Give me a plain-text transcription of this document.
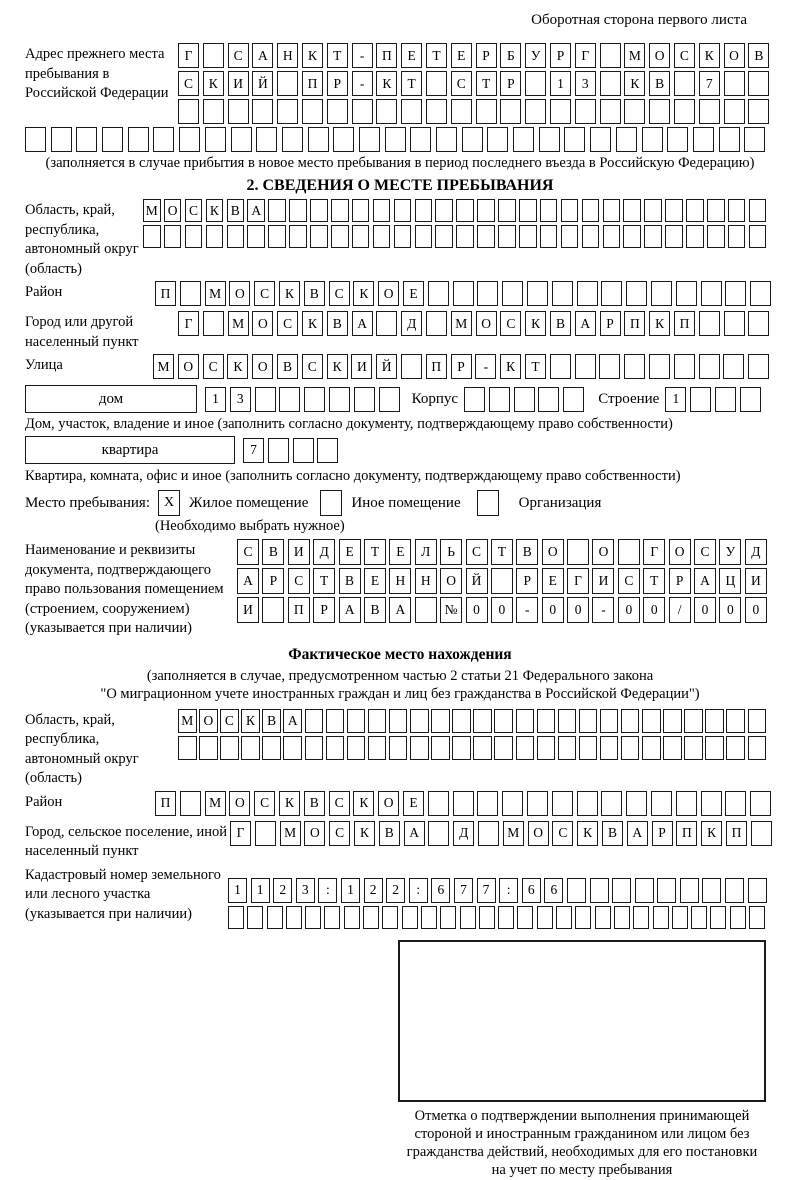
Оборотная сторона первого листа
Адрес прежнего места пребывания в Российской Федерации
Г	С	А	Н	К	Т	-	П	Е	Т	Е	Р	Б	У	Р	Г	М	О	С	К	О	В
С	К	И	Й	П	Р	-	К	Т	С	Т	Р	1	3	К	В	7
(заполняется в случае прибытия в новое место пребывания в период последнего въезда в Российскую Федерацию)
2. СВЕДЕНИЯ О МЕСТЕ ПРЕБЫВАНИЯ
Область, край, республика, автономный округ (область)
М О С К В А
Район	П	М	О	С	К	В	С	К	О	Е
Город или другой населенный пункт
Г	М	О	С	К	В	А	Д	М	О	С	К	В	А	Р	П	К	П
Улица	М	О	С	К	О	В	С	К	И	Й	П	Р	-	К	Т
дом	1	3	Корпус	Строение 1
Дом, участок, владение и иное (заполнить согласно документу, подтверждающему право собственности)
квартира	7
Квартира, комната, офис и иное (заполнить согласно документу, подтверждающему право собственности)
Место пребывания: X Жилое помещение	Иное помещение	Организация
(Необходимо выбрать нужное)
Наименование и реквизиты документа, подтверждающего право пользования помещением (строением, сооружением) (указывается при наличии)
С	В	И	Д	Е	Т	Е	Л	Ь	С	Т	В	О	О	Г	О	С	У	Д
А	Р	С	Т	В	Е	Н	Н	О	Й	Р	Е	Г	И	С	Т	Р	А	Ц	И
И	П	Р	А	В	А	№	0	0	-	0	0	-	0	0	/	0	0	0
Фактическое место нахождения
(заполняется в случае, предусмотренном частью 2 статьи 21 Федерального закона
"О миграционном учете иностранных граждан и лиц без гражданства в Российской Федерации")
Область, край, республика, автономный округ (область)
М О С К В А
Район	П	М	О	С	К	В	С	К	О	Е
Город, сельское поселение, иной населенный пункт
Г	М	О	С	К	В	А	Д	М	О	С	К	В	А	Р	П	К	П
Кадастровый номер земельного или лесного участка (указывается при наличии)
1	1	2	3	:	1	2	2	:	6	7	7	:	6	6
Отметка о подтверждении выполнения принимающей стороной и иностранным гражданином или лицом без гражданства действий, необходимых для его постановки на учет по месту пребывания
